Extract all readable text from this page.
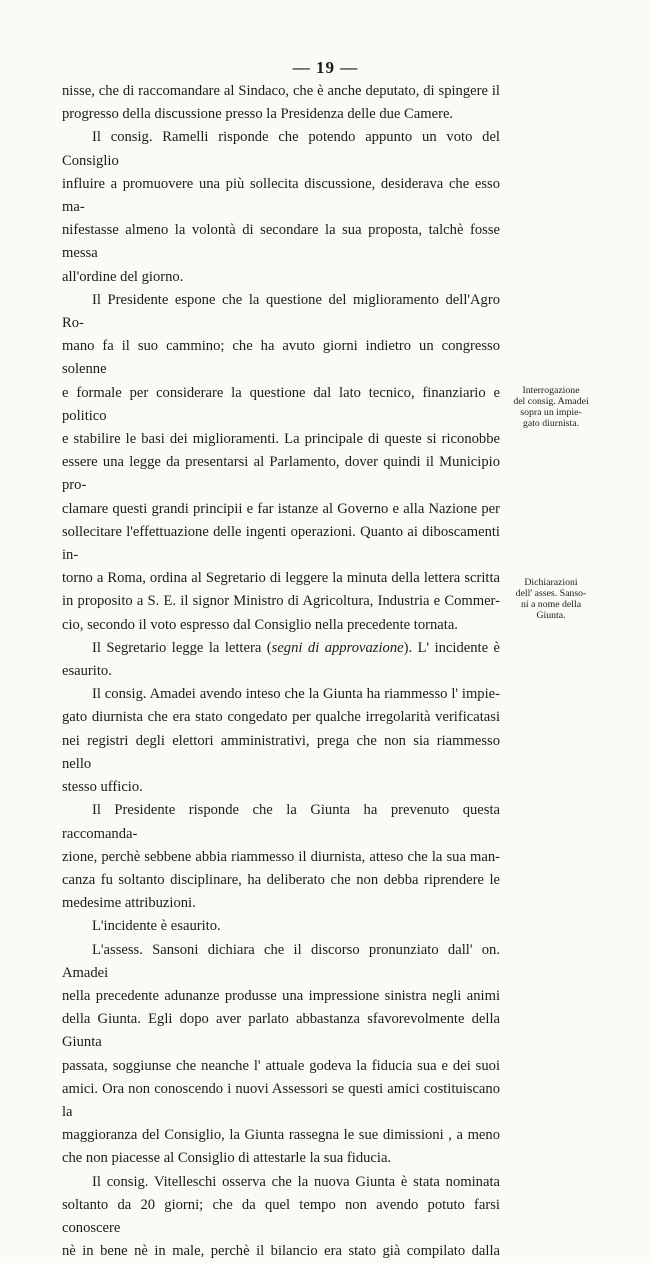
— 19 —

nisse, che di raccomandare al Sindaco, che è anche deputato, di spingere il

progresso della discussione presso la Presidenza delle due Camere.

Il consig. Ramelli risponde che potendo appunto un voto del Consiglio

influire a promuovere una più sollecita discussione, desiderava che esso ma-

nifestasse almeno la volontà di secondare la sua proposta, talchè fosse messa

all'ordine del giorno.

Il Presidente espone che la questione del miglioramento dell'Agro Ro-

mano fa il suo cammino; che ha avuto giorni indietro un congresso solenne

e formale per considerare la questione dal lato tecnico, finanziario e politico

e stabilire le basi dei miglioramenti. La principale di queste si riconobbe

essere una legge da presentarsi al Parlamento, dover quindi il Municipio pro-

clamare questi grandi principii e far istanze al Governo e alla Nazione per

sollecitare l'effettuazione delle ingenti operazioni. Quanto ai diboscamenti in-

torno a Roma, ordina al Segretario di leggere la minuta della lettera scritta

in proposito a S. E. il signor Ministro di Agricoltura, Industria e Commer-

cio, secondo il voto espresso dal Consiglio nella precedente tornata.

Il Segretario legge la lettera (segni di approvazione). L' incidente è

esaurito.

Il consig. Amadei avendo inteso che la Giunta ha riammesso l' impie-

gato diurnista che era stato congedato per qualche irregolarità verificatasi

nei registri degli elettori amministrativi, prega che non sia riammesso nello

stesso ufficio.

Il Presidente risponde che la Giunta ha prevenuto questa raccomanda-

zione, perchè sebbene abbia riammesso il diurnista, atteso che la sua man-

canza fu soltanto disciplinare, ha deliberato che non debba riprendere le

medesime attribuzioni.

L'incidente è esaurito.

L'assess. Sansoni dichiara che il discorso pronunziato dall' on. Amadei

nella precedente adunanze produsse una impressione sinistra negli animi

della Giunta. Egli dopo aver parlato abbastanza sfavorevolmente della Giunta

passata, soggiunse che neanche l' attuale godeva la fiducia sua e dei suoi

amici. Ora non conoscendo i nuovi Assessori se questi amici costituiscano la

maggioranza del Consiglio, la Giunta rassegna le sue dimissioni , a meno

che non piacesse al Consiglio di attestarle la sua fiducia.

Il consig. Vitelleschi osserva che la nuova Giunta è stata nominata

soltanto da 20 giorni; che da quel tempo non avendo potuto farsi conoscere

nè in bene nè in male, perchè il bilancio era stato già compilato dalla

Interrogazione
del consig. Amadei
sopra un impie-
gato diurnista.
Dichiarazioni
dell' asses. Sanso-
ni a nome della
Giunta.
